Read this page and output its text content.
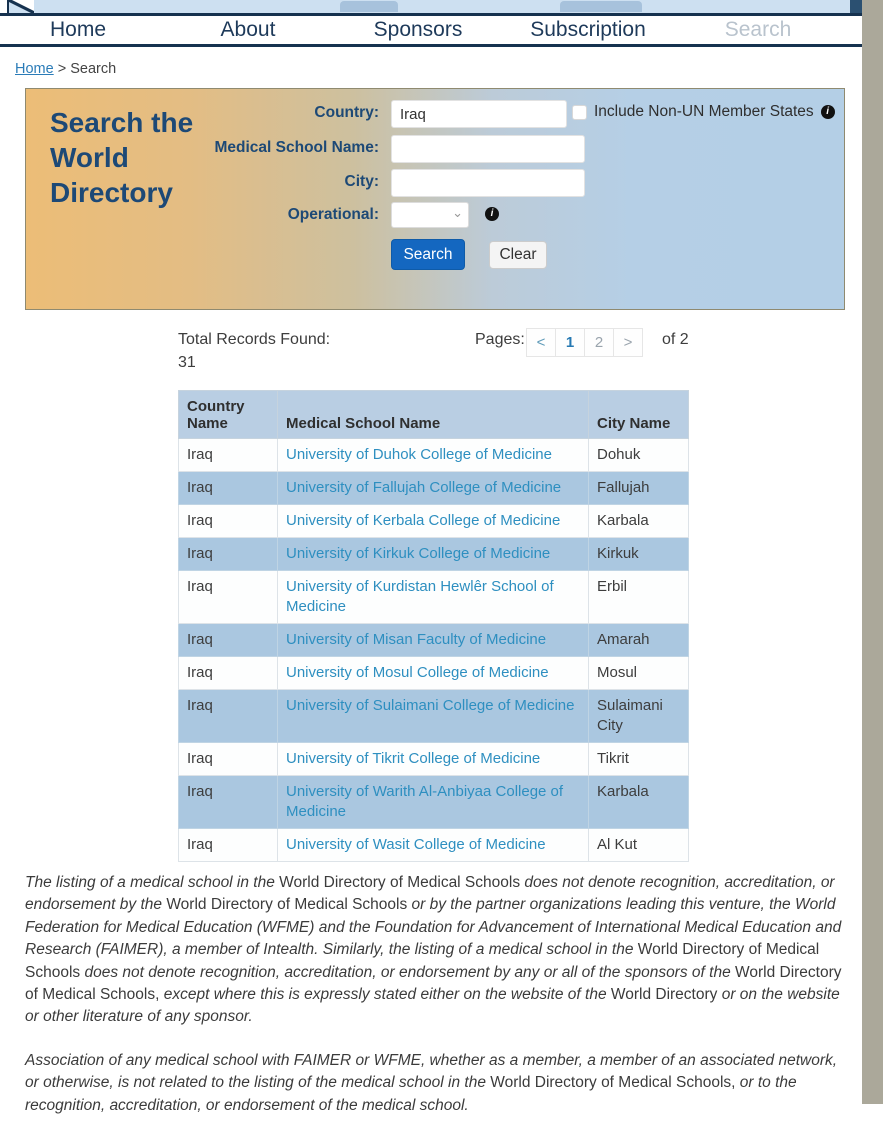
Home	About	Sponsors	Subscription	Search
Home > Search
Search the World Directory
Country:
Iraq	Include Non-UN Member States	i
Medical School Name:
City:
Operational:	⌄	i
Search	Clear
Total Records Found:
31
Pages: <	1	2	>	of 2
Country Name	Medical School Name	City Name
Iraq	University of Duhok College of Medicine	Dohuk
Iraq	University of Fallujah College of Medicine	Fallujah
Iraq	University of Kerbala College of Medicine	Karbala
Iraq	University of Kirkuk College of Medicine	Kirkuk
Iraq	University of Kurdistan Hewlêr School of Medicine	Erbil
Iraq	University of Misan Faculty of Medicine	Amarah
Iraq	University of Mosul College of Medicine	Mosul
Iraq	University of Sulaimani College of Medicine	Sulaimani City
Iraq	University of Tikrit College of Medicine	Tikrit
Iraq	University of Warith Al-Anbiyaa College of Medicine	Karbala
Iraq	University of Wasit College of Medicine	Al Kut

The listing of a medical school in the World Directory of Medical Schools does not denote recognition, accreditation, or endorsement by the World Directory of Medical Schools or by the partner organizations leading this venture, the World Federation for Medical Education (WFME) and the Foundation for Advancement of International Medical Education and Research (FAIMER), a member of Intealth. Similarly, the listing of a medical school in the World Directory of Medical Schools does not denote recognition, accreditation, or endorsement by any or all of the sponsors of the World Directory of Medical Schools, except where this is expressly stated either on the website of the World Directory or on the website or other literature of any sponsor.

Association of any medical school with FAIMER or WFME, whether as a member, a member of an associated network, or otherwise, is not related to the listing of the medical school in the World Directory of Medical Schools, or to the recognition, accreditation, or endorsement of the medical school.
